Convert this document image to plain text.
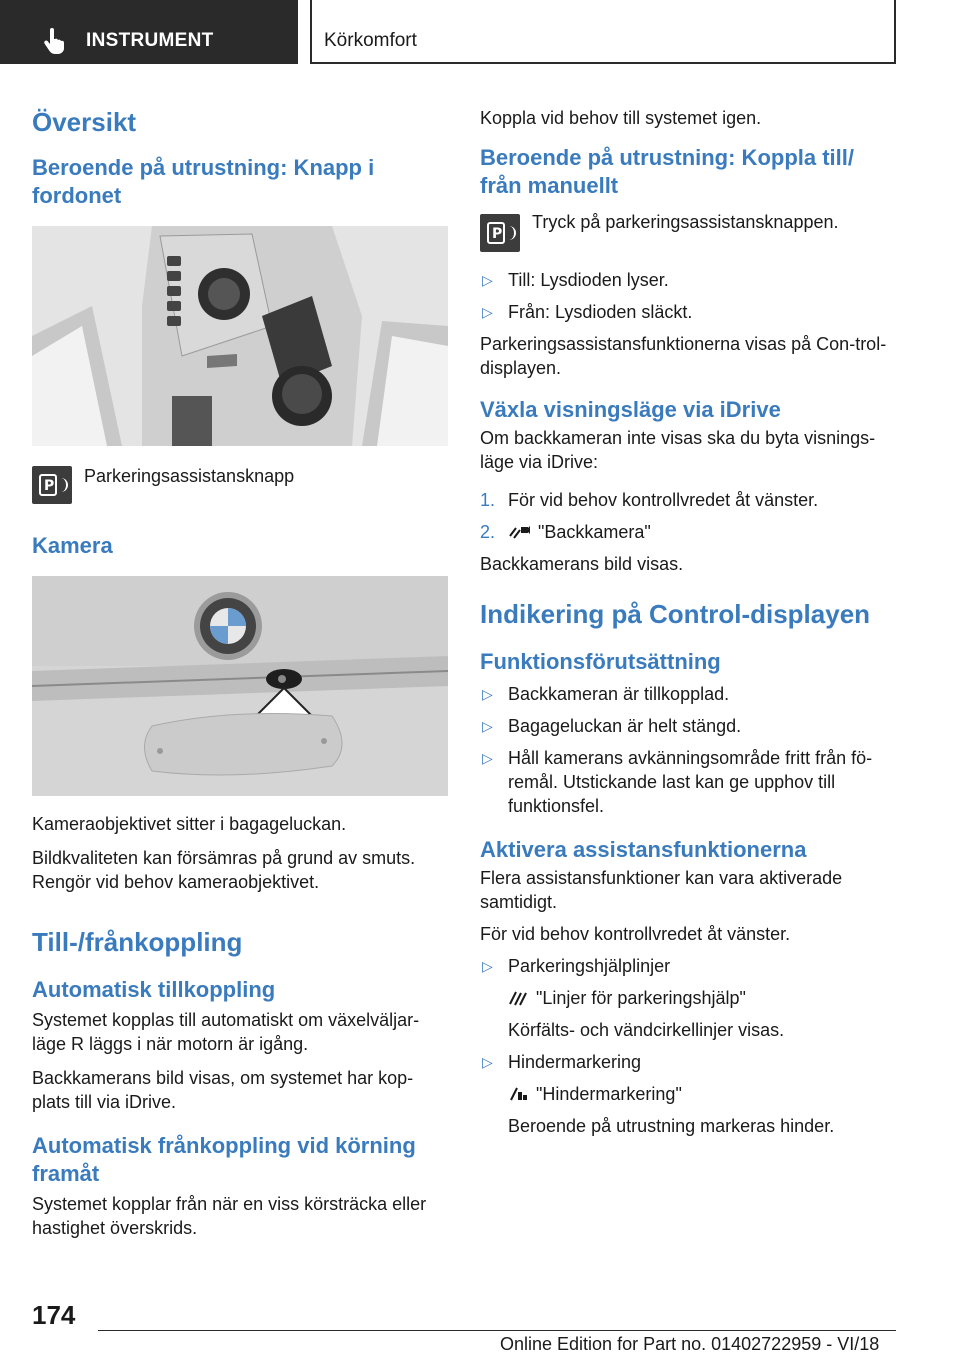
INSTRUMENT	Körkomfort
Översikt
Beroende på utrustning: Knapp i fordonet
P Parkeringsassistansknapp
Kamera
Kameraobjektivet sitter i bagageluckan.
Bildkvaliteten kan försämras på grund av smuts. Rengör vid behov kameraobjektivet.
Till-/frånkoppling
Automatisk tillkoppling
Systemet kopplas till automatiskt om växelväljar-läge R läggs i när motorn är igång.
Backkamerans bild visas, om systemet har kop-plats till via iDrive.
Automatisk frånkoppling vid körning framåt
Systemet kopplar från när en viss körsträcka eller hastighet överskrids.
Koppla vid behov till systemet igen.
Beroende på utrustning: Koppla till/ från manuellt
P
Tryck på parkeringsassistansknappen.
▷ Till: Lysdioden lyser.
▷ Från: Lysdioden släckt.
Parkeringsassistansfunktionerna visas på Con-trol-displayen.
Växla visningsläge via iDrive
Om backkameran inte visas ska du byta visnings-läge via iDrive:
1. För vid behov kontrollvredet åt vänster.
2. "Backkamera"
Backkamerans bild visas.
Indikering på Control-displayen
Funktionsförutsättning
▷ Backkameran är tillkopplad.
▷ Bagageluckan är helt stängd.
▷ Håll kamerans avkänningsområde fritt från fö-remål. Utstickande last kan ge upphov till funktionsfel.
Aktivera assistansfunktionerna
Flera assistansfunktioner kan vara aktiverade samtidigt.
För vid behov kontrollvredet åt vänster.
▷ Parkeringshjälplinjer
"Linjer för parkeringshjälp"
Körfälts- och vändcirkellinjer visas.
▷ Hindermarkering
"Hindermarkering"
Beroende på utrustning markeras hinder.
174
Online Edition for Part no. 01402722959 - VI/18
